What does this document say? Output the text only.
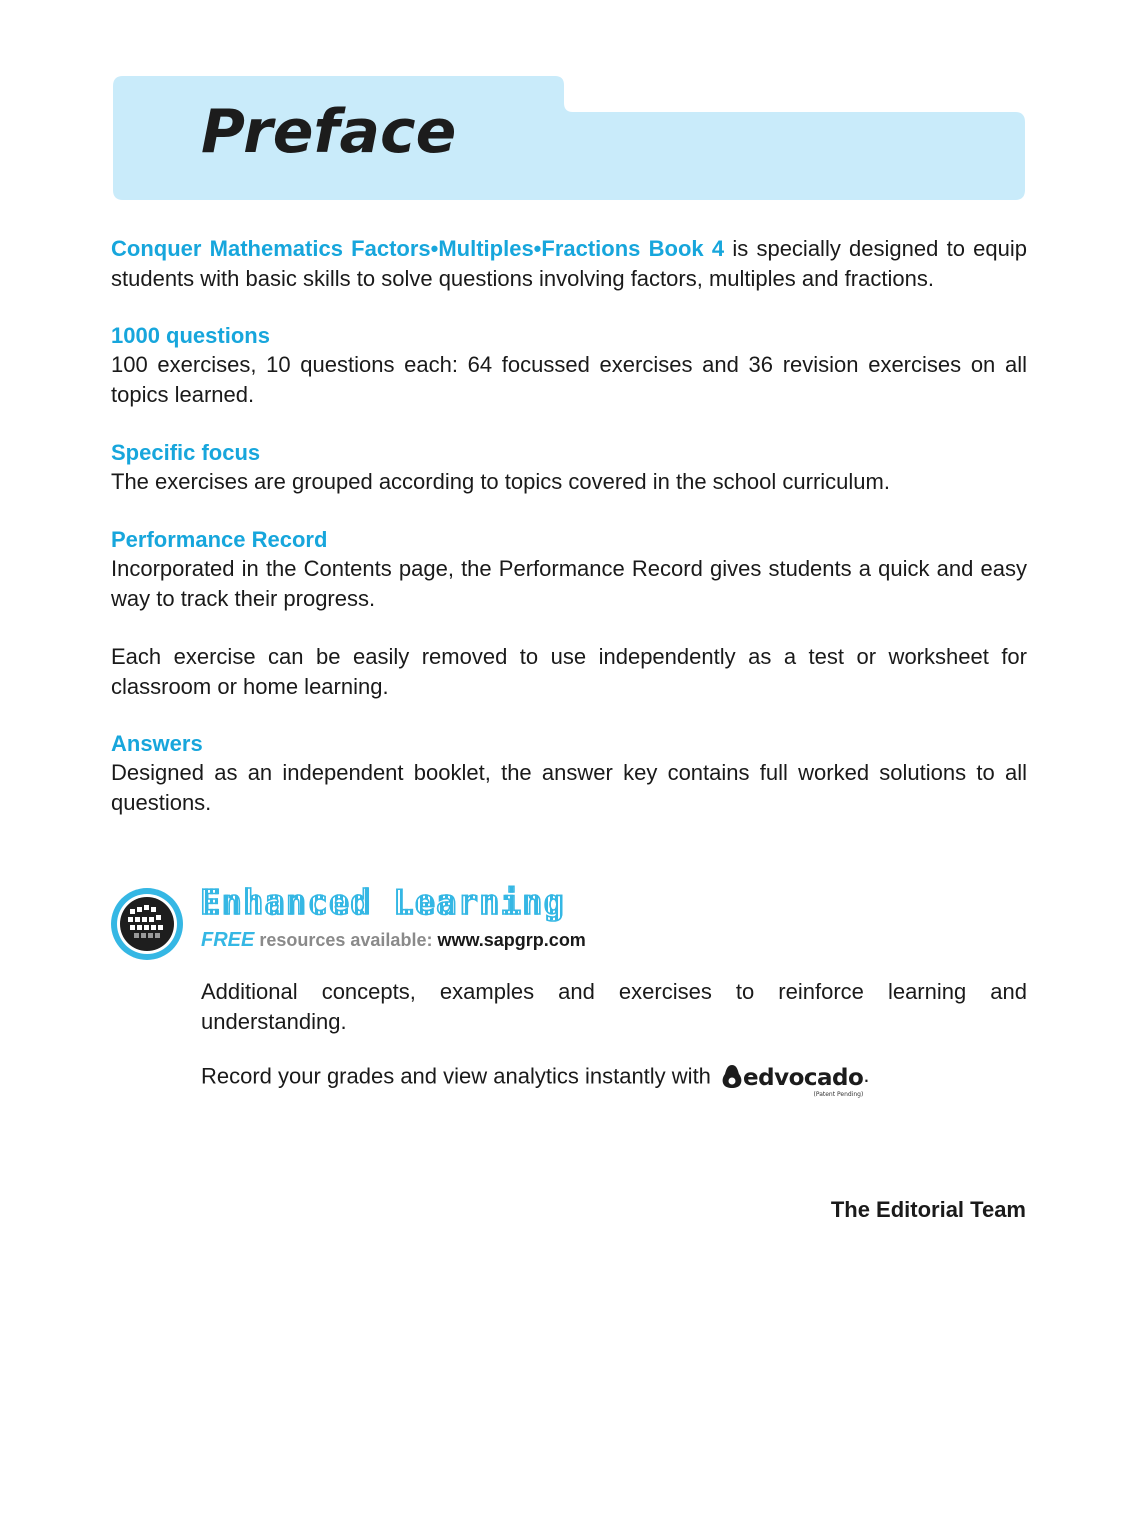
Preface

Conquer Mathematics Factors•Multiples•Fractions Book 4 is specially designed to equip students with basic skills to solve questions involving factors, multiples and fractions.

1000 questions

100 exercises, 10 questions each: 64 focussed exercises and 36 revision exercises on all topics learned.

Specific focus

The exercises are grouped according to topics covered in the school curriculum.

Performance Record

Incorporated in the Contents page, the Performance Record gives students a quick and easy way to track their progress.

Each exercise can be easily removed to use independently as a test or worksheet for classroom or home learning.

Answers

Designed as an independent booklet, the answer key contains full worked solutions to all questions.

Enhanced Learning

FREE resources available: www.sapgrp.com

Additional concepts, examples and exercises to reinforce learning and understanding.

Record your grades and view analytics instantly with edvocado
(Patent Pending)
.

The Editorial Team
